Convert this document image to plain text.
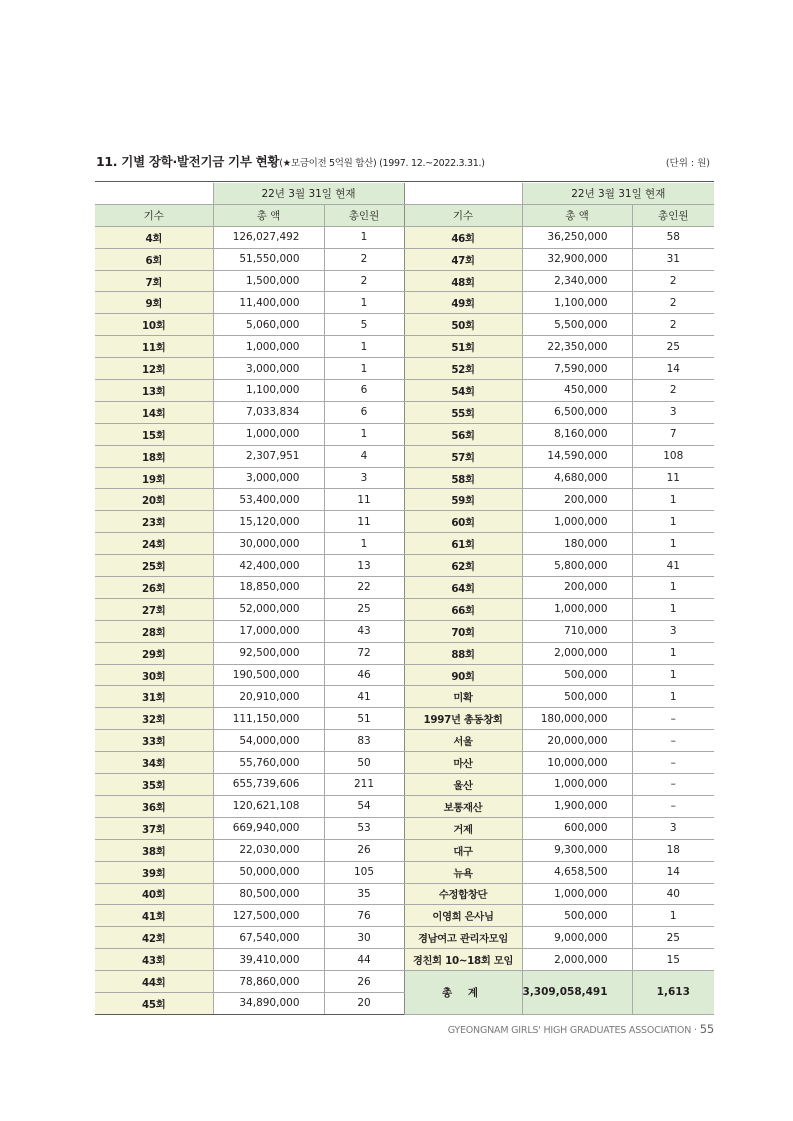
11. 기별 장학·발전기금 기부 현황(★모금이전 5억원 합산) (1997. 12.~2022.3.31.)	(단위 : 원)
	22년 3월 31일 현재			22년 3월 31일 현재	
기수	총 액	총인원	기수	총 액	총인원
4회	126,027,492	1	46회	36,250,000	58
6회	51,550,000	2	47회	32,900,000	31
7회	1,500,000	2	48회	2,340,000	2
9회	11,400,000	1	49회	1,100,000	2
10회	5,060,000	5	50회	5,500,000	2
11회	1,000,000	1	51회	22,350,000	25
12회	3,000,000	1	52회	7,590,000	14
13회	1,100,000	6	54회	450,000	2
14회	7,033,834	6	55회	6,500,000	3
15회	1,000,000	1	56회	8,160,000	7
18회	2,307,951	4	57회	14,590,000	108
19회	3,000,000	3	58회	4,680,000	11
20회	53,400,000	11	59회	200,000	1
23회	15,120,000	11	60회	1,000,000	1
24회	30,000,000	1	61회	180,000	1
25회	42,400,000	13	62회	5,800,000	41
26회	18,850,000	22	64회	200,000	1
27회	52,000,000	25	66회	1,000,000	1
28회	17,000,000	43	70회	710,000	3
29회	92,500,000	72	88회	2,000,000	1
30회	190,500,000	46	90회	500,000	1
31회	20,910,000	41	미확	500,000	1
32회	111,150,000	51	1997년 총동창회	180,000,000	–
33회	54,000,000	83	서울	20,000,000	–
34회	55,760,000	50	마산	10,000,000	–
35회	655,739,606	211	울산	1,000,000	–
36회	120,621,108	54	보통재산	1,900,000	–
37회	669,940,000	53	거제	600,000	3
38회	22,030,000	26	대구	9,300,000	18
39회	50,000,000	105	뉴욕	4,658,500	14
40회	80,500,000	35	수정합창단	1,000,000	40
41회	127,500,000	76	이영희 은사님	500,000	1
42회	67,540,000	30	경남여고 관리자모임	9,000,000	25
43회	39,410,000	44	경친회 10~18회 모임	2,000,000	15
44회	78,860,000	26	총 계	3,309,058,491	1,613
45회	34,890,000	20			
GYEONGNAM GIRLS' HIGH GRADUATES ASSOCIATION · 55
